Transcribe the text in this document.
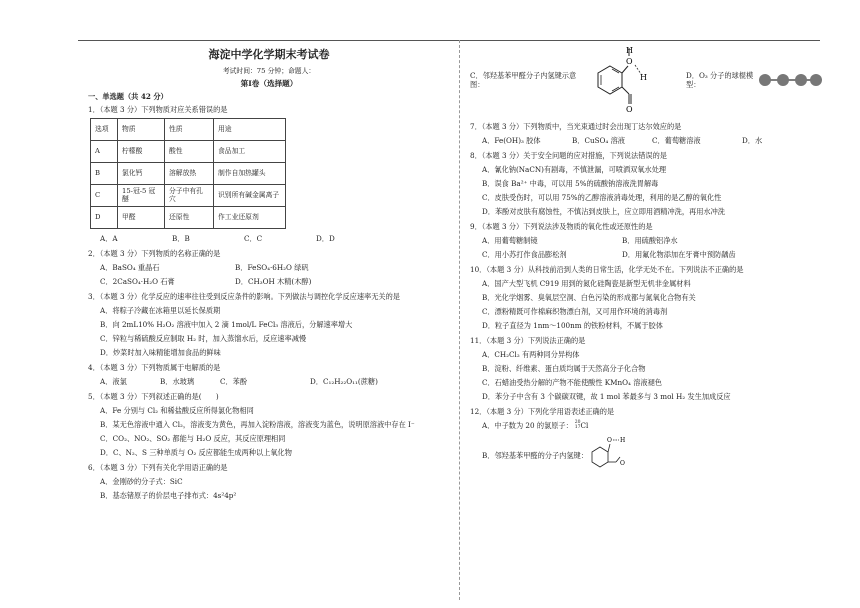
海淀中学化学期末考试卷
考试时间：75 分钟；命题人：
第Ⅰ卷（选择题）
一、单选题（共 42 分）
1．（本题 3 分）下列物质对应关系错误的是
选项	物质	性质	用途
A	柠檬酸	酸性	食品加工
B	氯化钙	溶解放热	制作自加热罐头
C	15-冠-5 冠醚	分子中有孔穴	识别所有碱金属离子
D	甲醛	还原性	作工业还原剂
A．A	B．B	C．C	D．D
2．（本题 3 分）下列物质的名称正确的是
A．BaSO₄ 重晶石	B．FeSO₄·6H₂O 绿矾
C．2CaSO₄·H₂O 石膏	D．CH₃OH 木精(木醇)
3．（本题 3 分）化学反应的速率往往受到反应条件的影响。下列做法与调控化学反应速率无关的是
A．将粽子冷藏在冰箱里以延长保质期
B．向 2mL10% H₂O₂ 溶液中加入 2 滴 1mol/L FeCl₃ 溶液后，分解速率增大
C．锌粒与稀硫酸反应制取 H₂ 时，加入蒸馏水后，反应速率减慢
D．炒菜时加入味精能增加食品的鲜味
4．（本题 3 分）下列物质属于电解质的是
A．液氯	B．水玻璃	C．苯酚	D．C₁₂H₂₂O₁₁(蔗糖)
5．（本题 3 分）下列叙述正确的是(　　)
A．Fe 分别与 Cl₂ 和稀盐酸反应所得氯化物相同
B．某无色溶液中通入 Cl₂，溶液变为黄色，再加入淀粉溶液，溶液变为蓝色，说明原溶液中存在 I⁻
C．CO₂、NO₂、SO₂ 都能与 H₂O 反应，其反应原理相同
D．C、N₂、S 三种单质与 O₂ 反应都能生成两种以上氧化物
6．（本题 3 分）下列有关化学用语正确的是
A．金刚砂的分子式：SiC
B．基态锗原子的价层电子排布式：4s²4p²
C．邻羟基苯甲醛分子内氢键示意图：
O
H
H
O
D．O₃ 分子的球棍模型：
7．（本题 3 分）下列物质中，当光束通过时会出现丁达尔效应的是
A．Fe(OH)₃ 胶体	B．CuSO₄ 溶液	C．葡萄糖溶液	D．水
8．（本题 3 分）关于安全问题的应对措施，下列说法错误的是
A．氰化钠(NaCN)有剧毒，不慎泄漏，可喷洒双氧水处理
B．误食 Ba²⁺ 中毒，可以用 5%的硫酸钠溶液洗胃解毒
C．皮肤受伤时，可以用 75%的乙醇溶液消毒处理，利用的是乙醇的氧化性
D．苯酚对皮肤有腐蚀性，不慎沾到皮肤上，应立即用酒精冲洗，再用水冲洗
9．（本题 3 分）下列说法涉及物质的氧化性或还原性的是
A．用葡萄糖制镜	B．用硫酸铝净水
C．用小苏打作食品膨松剂	D．用氟化物添加在牙膏中预防龋齿
10．（本题 3 分）从科技前沿到人类的日常生活，化学无处不在。下列说法不正确的是
A．国产大型飞机 C919 用到的氮化硅陶瓷是新型无机非金属材料
B．光化学烟雾、臭氧层空洞、白色污染的形成都与氮氧化合物有关
C．漂粉精既可作棉麻织物漂白剂，又可用作环境的消毒剂
D．粒子直径为 1nm～100nm 的铁粉材料，不属于胶体
11．（本题 3 分）下列说法正确的是
A．CH₂Cl₂ 有两种同分异构体
B．淀粉、纤维素、蛋白质均属于天然高分子化合物
C．石蜡油受热分解的产物不能使酸性 KMnO₄ 溶液褪色
D．苯分子中含有 3 个碳碳双键，故 1 mol 苯最多与 3 mol H₂ 发生加成反应
12．（本题 3 分）下列化学用语表述正确的是
A．中子数为 20 的氯原子： 20
17 Cl
B．邻羟基苯甲醛的分子内氢键：
O H
O
